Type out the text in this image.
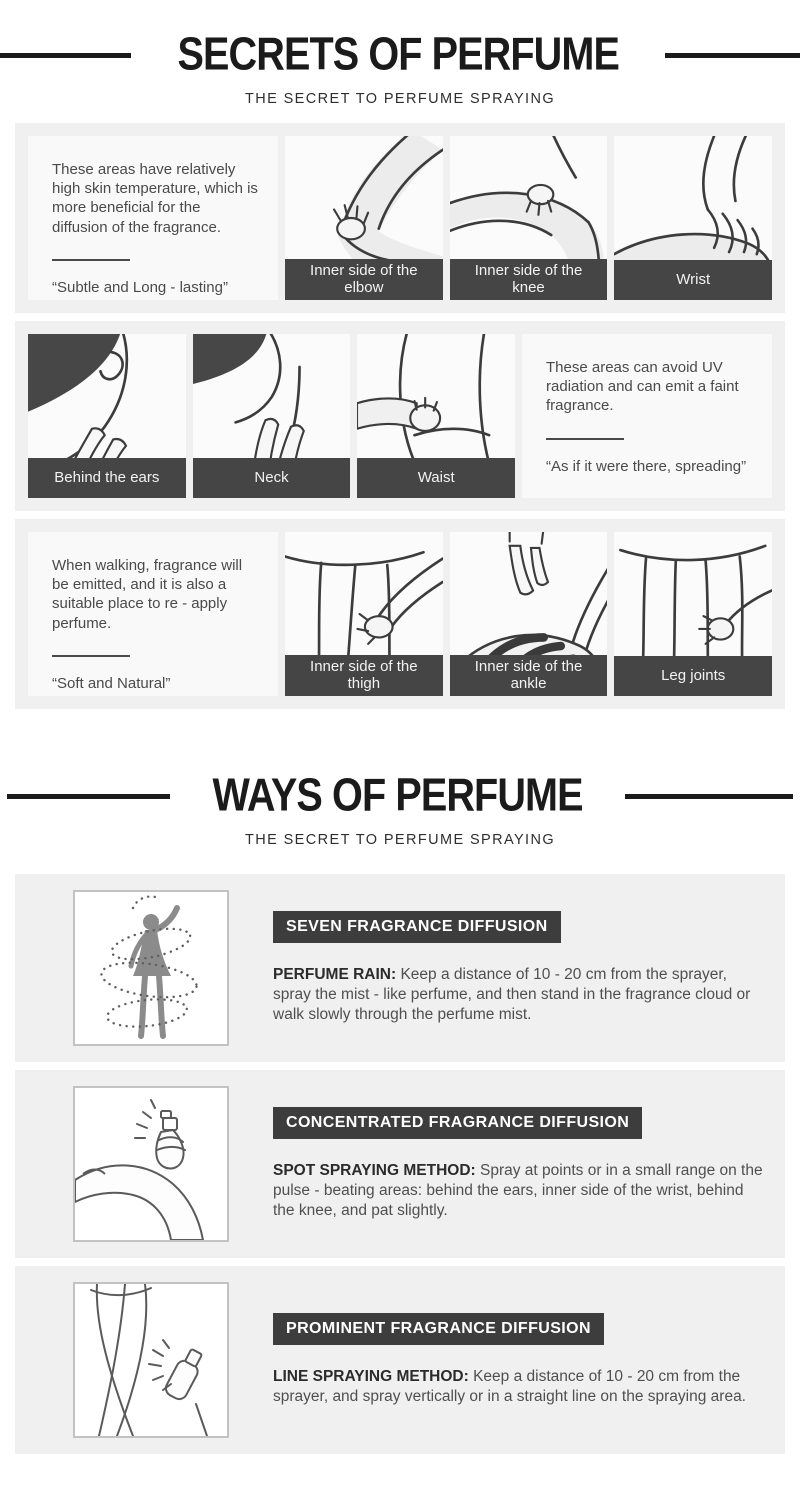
SECRETS OF PERFUME
THE SECRET TO PERFUME SPRAYING

These areas have relatively high skin temperature, which is more beneficial for the diffusion of the fragrance.

“Subtle and Long - lasting”
Inner side of the elbow
Inner side of the knee	Wrist
Behind the ears	Neck	Waist

These areas can avoid UV radiation and can emit a faint fragrance.

“As if it were there, spreading”

When walking, fragrance will be emitted, and it is also a suitable place to re - apply perfume.

“Soft and Natural”
Inner side of the thigh
Inner side of the ankle	Leg joints
WAYS OF PERFUME
THE SECRET TO PERFUME SPRAYING
SEVEN FRAGRANCE DIFFUSION

PERFUME RAIN: Keep a distance of 10 - 20 cm from the sprayer, spray the mist - like perfume, and then stand in the fragrance cloud or walk slowly through the perfume mist.

CONCENTRATED FRAGRANCE DIFFUSION

SPOT SPRAYING METHOD: Spray at points or in a small range on the pulse - beating areas: behind the ears, inner side of the wrist, behind the knee, and pat slightly.

PROMINENT FRAGRANCE DIFFUSION

LINE SPRAYING METHOD: Keep a distance of 10 - 20 cm from the sprayer, and spray vertically or in a straight line on the spraying area.
